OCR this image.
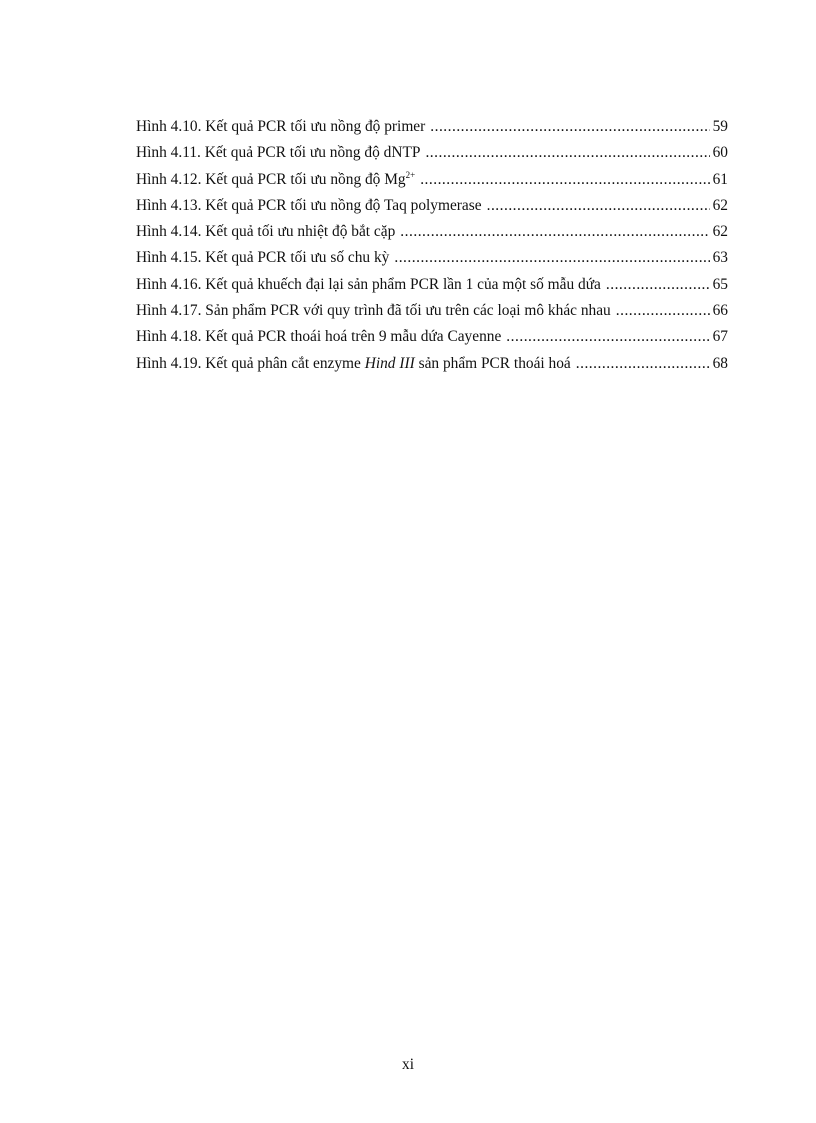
Hình 4.10. Kết quả PCR tối ưu nồng độ primer .....	59
Hình 4.11. Kết quả PCR tối ưu nồng độ dNTP .....	60
Hình 4.12. Kết quả PCR tối ưu nồng độ $Mg^{2+}$ .....	61
Hình 4.13. Kết quả PCR tối ưu nồng độ Taq polymerase .....	62
Hình 4.14. Kết quả tối ưu nhiệt độ bắt cặp .....	62
Hình 4.15. Kết quả PCR tối ưu số chu kỳ .....	63
Hình 4.16. Kết quả khuếch đại lại sản phẩm PCR lần 1 của một số mẫu dứa .....	65
Hình 4.17. Sản phẩm PCR với quy trình đã tối ưu trên các loại mô khác nhau .....	66
Hình 4.18. Kết quả PCR thoái hoá trên 9 mẫu dứa Cayenne .....	67
Hình 4.19. Kết quả phân cắt enzyme Hind III sản phẩm PCR thoái hoá .....	68
xi
